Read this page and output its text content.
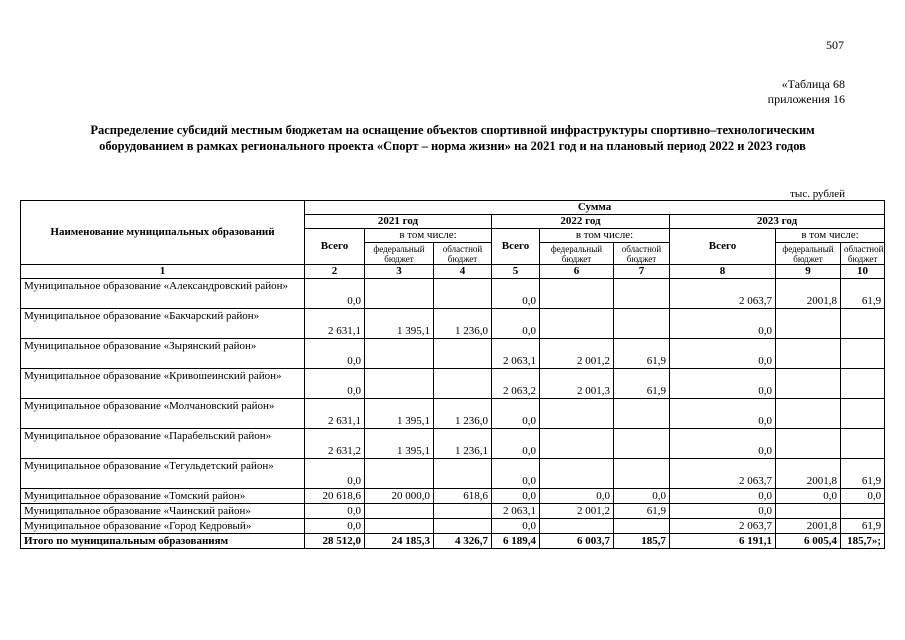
507
«Таблица 68
приложения 16
Распределение субсидий местным бюджетам на оснащение объектов спортивной инфраструктуры спортивно–технологическим оборудованием в рамках регионального проекта «Спорт – норма жизни» на 2021 год и на плановый период 2022 и 2023 годов
тыс. рублей
Наименование муниципальных образований	Сумма								
	2021 год			2022 год			2023 год		
	Всего	в том числе:		Всего	в том числе:		Всего	в том числе:	
		федеральный бюджет	областной бюджет		федеральный бюджет	областной бюджет		федеральный бюджет	областной бюджет
1	2	3	4	5	6	7	8	9	10
Муниципальное образование «Александровский район»	0,0			0,0			2 063,7	2001,8	61,9
Муниципальное образование «Бакчарский район»	2 631,1	1 395,1	1 236,0	0,0			0,0		
Муниципальное образование «Зырянский район»	0,0			2 063,1	2 001,2	61,9	0,0		
Муниципальное образование «Кривошеинский район»	0,0			2 063,2	2 001,3	61,9	0,0		
Муниципальное образование «Молчановский район»	2 631,1	1 395,1	1 236,0	0,0			0,0		
Муниципальное образование «Парабельский район»	2 631,2	1 395,1	1 236,1	0,0			0,0		
Муниципальное образование «Тегульдетский район»	0,0			0,0			2 063,7	2001,8	61,9
Муниципальное образование «Томский район»	20 618,6	20 000,0	618,6	0,0	0,0	0,0	0,0	0,0	0,0
Муниципальное образование «Чаинский район»	0,0			2 063,1	2 001,2	61,9	0,0		
Муниципальное образование «Город Кедровый»	0,0			0,0			2 063,7	2001,8	61,9
Итого по муниципальным образованиям	28 512,0	24 185,3	4 326,7	6 189,4	6 003,7	185,7	6 191,1	6 005,4	185,7»;
